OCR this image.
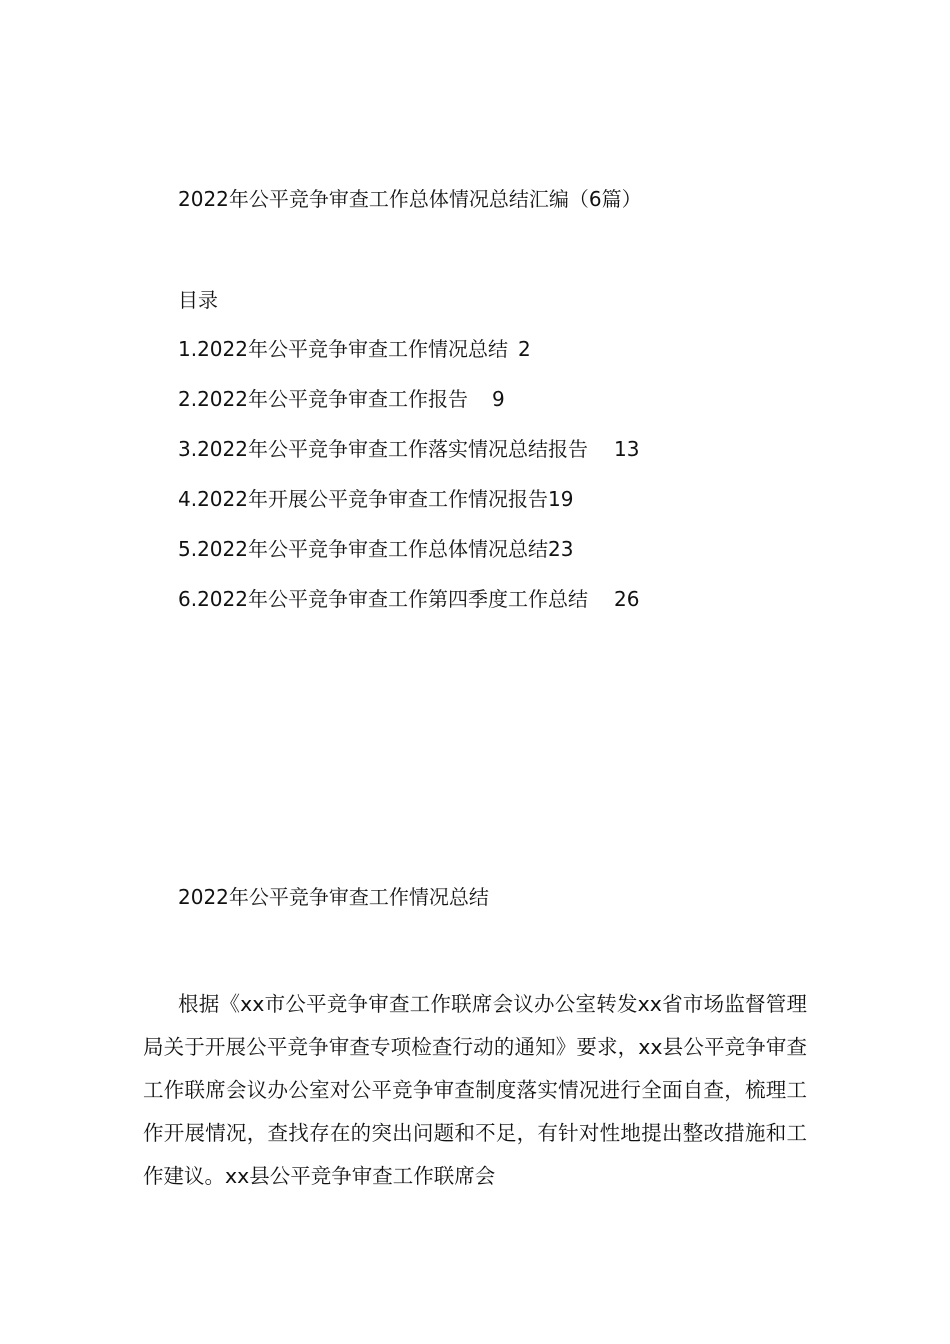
2022年公平竞争审查工作总体情况总结汇编（6篇）
目录
1.2022年公平竞争审查工作情况总结 2
2.2022年公平竞争审查工作报告 9
3.2022年公平竞争审查工作落实情况总结报告 13
4.2022年开展公平竞争审查工作情况报告19
5.2022年公平竞争审查工作总体情况总结23
6.2022年公平竞争审查工作第四季度工作总结 26
2022年公平竞争审查工作情况总结

根据《xx市公平竞争审查工作联席会议办公室转发xx省市场监督管理局关于开展公平竞争审查专项检查行动的通知》要求，xx县公平竞争审查工作联席会议办公室对公平竞争审查制度落实情况进行全面自查，梳理工作开展情况，查找存在的突出问题和不足，有针对性地提出整改措施和工作建议。xx县公平竞争审查工作联席会
